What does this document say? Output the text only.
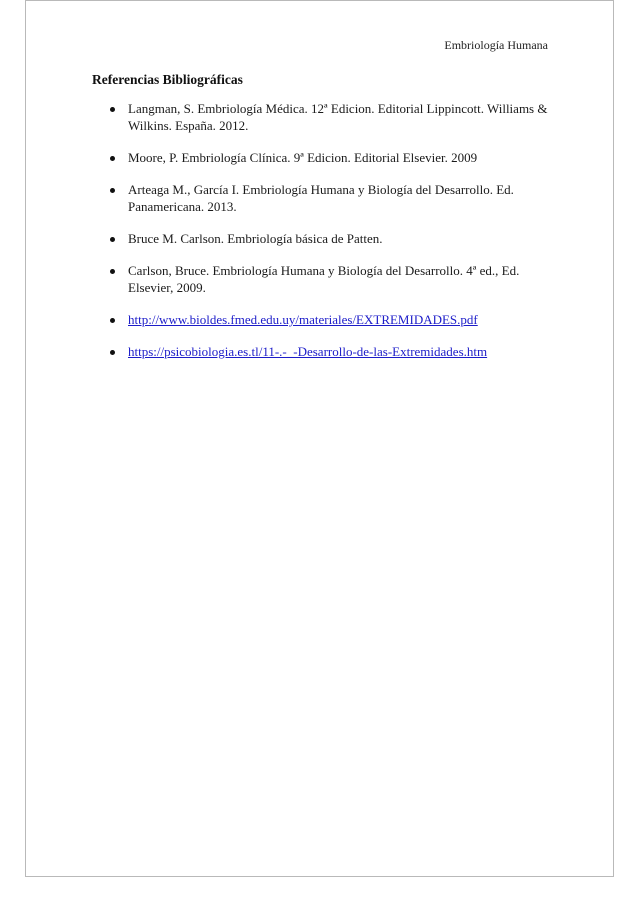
Embriología Humana
Referencias Bibliográficas
Langman, S. Embriología Médica. 12ª Edicion. Editorial Lippincott. Williams & Wilkins. España. 2012.
Moore, P. Embriología Clínica. 9ª Edicion. Editorial Elsevier. 2009
Arteaga M., García I. Embriología Humana y Biología del Desarrollo. Ed. Panamericana. 2013.
Bruce M. Carlson. Embriología básica de Patten.
Carlson, Bruce. Embriología Humana y Biología del Desarrollo. 4ª ed., Ed. Elsevier, 2009.
http://www.bioldes.fmed.edu.uy/materiales/EXTREMIDADES.pdf
https://psicobiologia.es.tl/11-.-_-Desarrollo-de-las-Extremidades.htm
